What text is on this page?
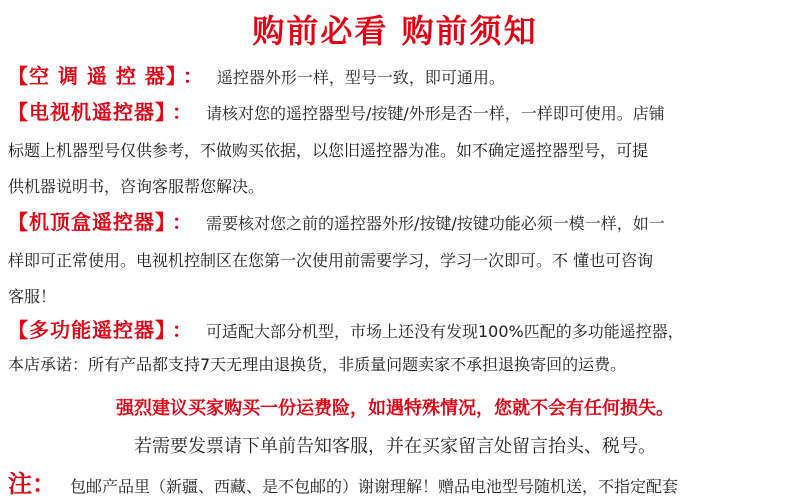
购前必看 购前须知
【空 调 遥 控 器】 ： 遥控器外形一样，型号一致，即可通用。
【电视机遥控器】 ： 请核对您的遥控器型号/按键/外形是否一样，一样即可使用。店铺
标题上机器型号仅供参考，不做购买依据，以您旧遥控器为准。如不确定遥控器型号，可提
供机器说明书，咨询客服帮您解决。
【机顶盒遥控器】 ： 需要核对您之前的遥控器外形/按键/按键功能必须一模一样，如一
样即可正常使用。电视机控制区在您第一次使用前需要学习，学习一次即可。不 懂也可咨询
客服！
【多功能遥控器】 ： 可适配大部分机型，市场上还没有发现100%匹配的多功能遥控器，
本店承诺：所有产品都支持7天无理由退换货，非质量问题卖家不承担退换寄回的运费。
强烈建议买家购买一份运费险，如遇特殊情况，您就不会有任何损失。
若需要发票请下单前告知客服，并在买家留言处留言抬头、税号。
注： 包邮产品里（新疆、西藏、是不包邮的）谢谢理解！赠品电池型号随机送，不指定配套
